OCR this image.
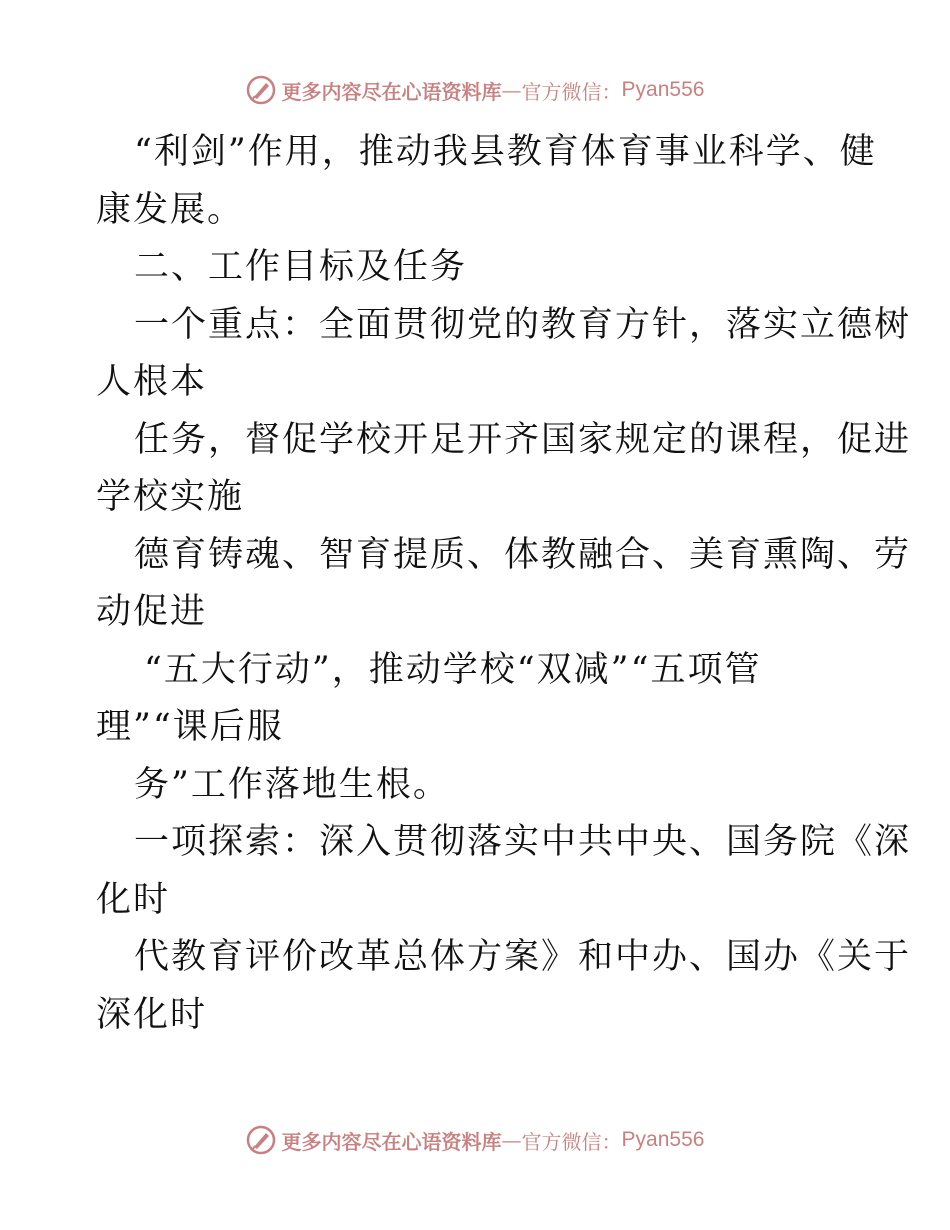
更多内容尽在心语资料库 — 官方微信： Pyan556
“利剑”作用，推动我县教育体育事业科学、健
康发展。
二、工作目标及任务
一个重点：全面贯彻党的教育方针，落实立德树
人根本
任务，督促学校开足开齐国家规定的课程，促进
学校实施
德育铸魂、智育提质、体教融合、美育熏陶、劳
动促进
“五大行动”，推动学校“双减”“五项管
理”“课后服
务”工作落地生根。
一项探索：深入贯彻落实中共中央、国务院《深
化时
代教育评价改革总体方案》和中办、国办《关于
深化时
更多内容尽在心语资料库 — 官方微信： Pyan556
